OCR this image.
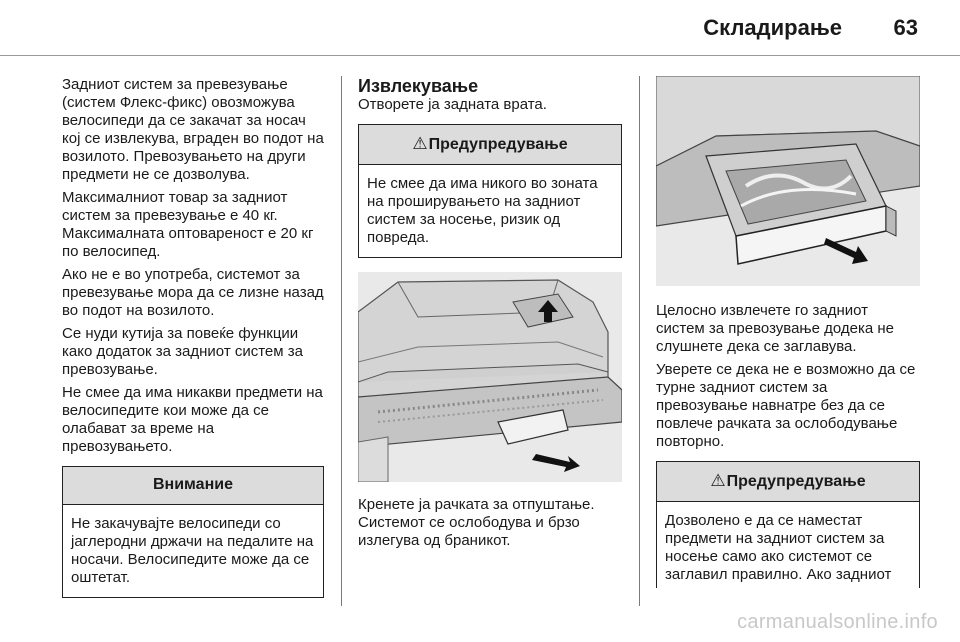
Складирање 63

Задниот систем за превезување (систем Флекс-фикс) овозможува велосипеди да се закачат за носач кој се извлекува, вграден во подот на возилото. Превозувањето на други предмети не се дозволува.

Максималниот товар за задниот систем за превезување е 40 кг. Максималната оптовареност е 20 кг по велосипед.

Ако не е во употреба, системот за превезување мора да се лизне назад во подот на возилото.

Се нуди кутија за повеќе функции како додаток за задниот систем за превозување.

Не смее да има никакви предмети на велосипедите кои може да се олабават за време на превозувањето.

Внимание
Не закачувајте велосипеди со јаглеродни држачи на педалите на носачи. Велосипедите може да се оштетат.
Извлекување

Отворете ја задната врата.

⚠Предупредување
Не смее да има никого во зоната на проширувањето на задниот систем за носење, ризик од повреда.

Кренете ја рачката за отпуштање. Системот се ослободува и брзо излегува од браникот.

Целосно извлечете го задниот систем за превозување додека не слушнете дека се заглавува.

Уверете се дека не е возможно да се турне задниот систем за превозување навнатре без да се повлече рачката за ослободување повторно.

⚠Предупредување
Дозволено е да се наместат предмети на задниот систем за носење само ако системот се заглавил правилно. Ако задниот
carmanualsonline.info
